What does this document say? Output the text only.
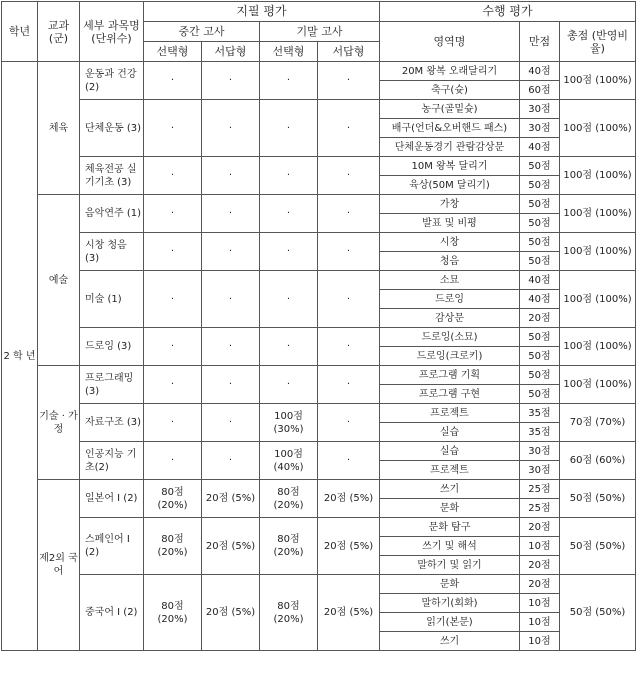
학년	교과(군)	세부 과목명 (단위수)	지필 평가				수행 평가		
			중간 고사		기말 고사		영역명	만점	총점 (반영비율)
			선택형	서답형	선택형	서답형			
2 학 년	체육	운동과 건강 (2)	·	·	·	·	20M 왕복 오래달리기	40점	100점 (100%)
							축구(슛)	60점	
		단체운동 (3)	·	·	·	·	농구(골밑슛)	30점	100점 (100%)
							배구(언더&오버핸드 패스)	30점	
							단체운동경기 관람감상문	40점	
		체육전공 실기기초 (3)	·	·	·	·	10M 왕복 달리기	50점	100점 (100%)
							육상(50M 달리기)	50점	
	예술	음악연주 (1)	·	·	·	·	가창	50점	100점 (100%)
							발표 및 비평	50점	
		시창 청음 (3)	·	·	·	·	시창	50점	100점 (100%)
							청음	50점	
		미술 (1)	·	·	·	·	소묘	40점	100점 (100%)
							드로잉	40점	
							감상문	20점	
		드로잉 (3)	·	·	·	·	드로잉(소묘)	50점	100점 (100%)
							드로잉(크로키)	50점	
	기술 · 가정	프로그래밍(3)	·	·	·	·	프로그램 기획	50점	100점 (100%)
							프로그램 구현	50점	
		자료구조 (3)	·	·	100점 (30%)	·	프로젝트	35점	70점 (70%)
							실습	35점	
		인공지능 기초(2)	·	·	100점 (40%)	·	실습	30점	60점 (60%)
							프로젝트	30점	
	제2외 국어	일본어 Ⅰ (2)	80점 (20%)	20점 (5%)	80점 (20%)	20점 (5%)	쓰기	25점	50점 (50%)
							문화	25점	
		스페인어 Ⅰ (2)	80점 (20%)	20점 (5%)	80점 (20%)	20점 (5%)	문화 탐구	20점	50점 (50%)
							쓰기 및 해석	10점	
							말하기 및 읽기	20점	
		중국어 Ⅰ (2)	80점 (20%)	20점 (5%)	80점 (20%)	20점 (5%)	문화	20점	50점 (50%)
							말하기(회화)	10점	
							읽기(본문)	10점	
							쓰기	10점	
